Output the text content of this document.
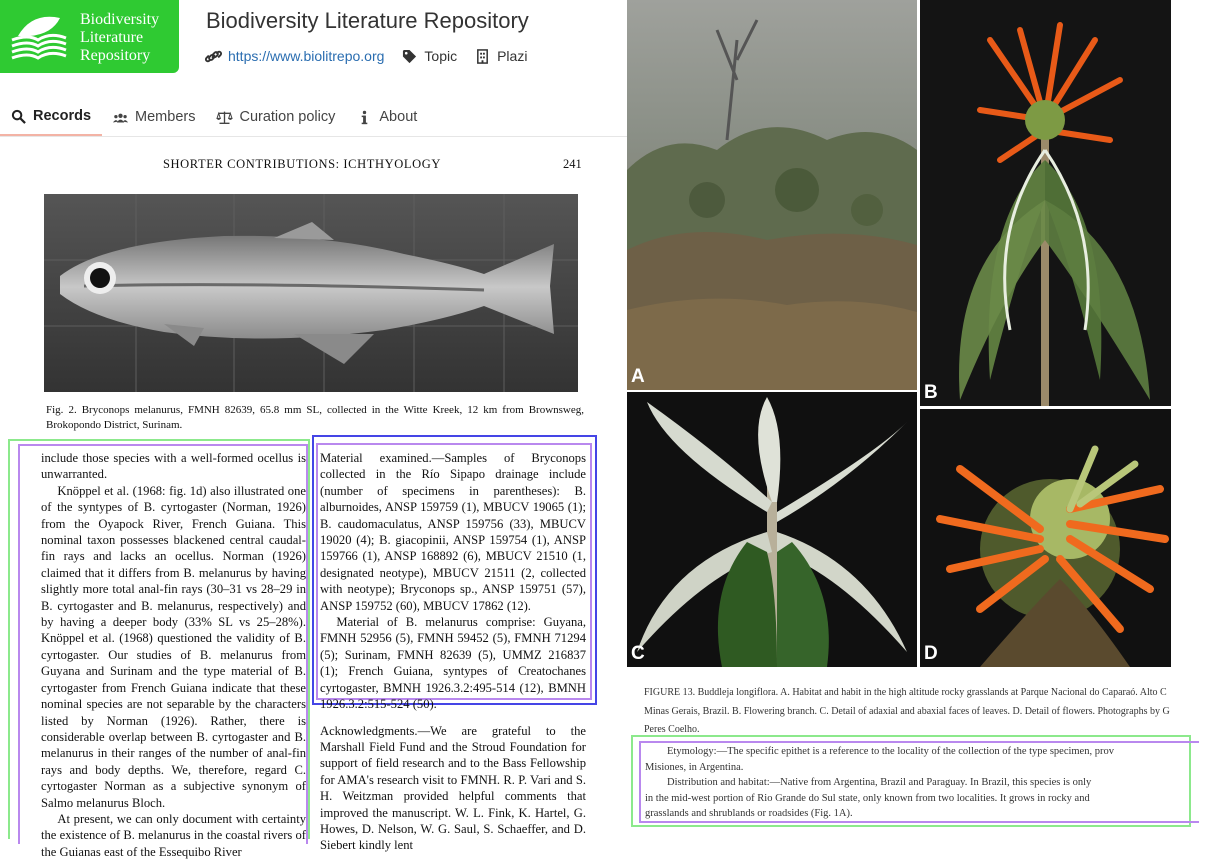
Biodiversity
Literature
Repository
Biodiversity Literature Repository
https://www.biolitrepo.org	Topic	Plazi
Records	Members	Curation policy	About
SHORTER CONTRIBUTIONS: ICHTHYOLOGY	241
Fig. 2. Bryconops melanurus, FMNH 82639, 65.8 mm SL, collected in the Witte Kreek, 12 km from Brownsweg, Brokopondo District, Surinam.

include those species with a well-formed ocellus is unwarranted.

Knöppel et al. (1968: fig. 1d) also illustrated one of the syntypes of B. cyrtogaster (Norman, 1926) from the Oyapock River, French Guiana. This nominal taxon possesses blackened central caudal-fin rays and lacks an ocellus. Norman (1926) claimed that it differs from B. melanurus by having slightly more total anal-fin rays (30–31 vs 28–29 in B. cyrtogaster and B. melanurus, respectively) and by having a deeper body (33% SL vs 25–28%). Knöppel et al. (1968) questioned the validity of B. cyrtogaster. Our studies of B. melanurus from Guyana and Surinam and the type material of B. cyrtogaster from French Guiana indicate that these nominal species are not separable by the characters listed by Norman (1926). Rather, there is considerable overlap between B. cyrtogaster and B. melanurus in their ranges of the number of anal-fin rays and body depths. We, therefore, regard C. cyrtogaster Norman as a subjective synonym of Salmo melanurus Bloch.

At present, we can only document with certainty the existence of B. melanurus in the coastal rivers of the Guianas east of the Essequibo River

Material examined.—Samples of Bryconops collected in the Río Sipapo drainage include (number of specimens in parentheses): B. alburnoides, ANSP 159759 (1), MBUCV 19065 (1); B. caudomaculatus, ANSP 159756 (33), MBUCV 19020 (4); B. giacopinii, ANSP 159754 (1), ANSP 159766 (1), ANSP 168892 (6), MBUCV 21510 (1, designated neotype), MBUCV 21511 (2, collected with neotype); Bryconops sp., ANSP 159751 (57), ANSP 159752 (60), MBUCV 17862 (12).

Material of B. melanurus comprise: Guyana, FMNH 52956 (5), FMNH 59452 (5), FMNH 71294 (5); Surinam, FMNH 82639 (5), UMMZ 216837 (1); French Guiana, syntypes of Creatochanes cyrtogaster, BMNH 1926.3.2:495-514 (12), BMNH 1926.3.2:515-524 (50).

Acknowledgments.—We are grateful to the Marshall Field Fund and the Stroud Foundation for support of field research and to the Bass Fellowship for AMA's research visit to FMNH. R. P. Vari and S. H. Weitzman provided helpful comments that improved the manuscript. W. L. Fink, K. Hartel, G. Howes, D. Nelson, W. G. Saul, S. Schaeffer, and D. Siebert kindly lent

A
B
C	D
FIGURE 13. Buddleja longiflora. A. Habitat and habit in the high altitude rocky grasslands at Parque Nacional do Caparaó. Alto C
Minas Gerais, Brazil. B. Flowering branch. C. Detail of adaxial and abaxial faces of leaves. D. Detail of flowers. Photographs by G
Peres Coelho.
Etymology:—The specific epithet is a reference to the locality of the collection of the type specimen, prov
Misiones, in Argentina.
Distribution and habitat:—Native from Argentina, Brazil and Paraguay. In Brazil, this species is only
in the mid-west portion of Rio Grande do Sul state, only known from two localities. It grows in rocky and
grasslands and shrublands or roadsides (Fig. 1A).
